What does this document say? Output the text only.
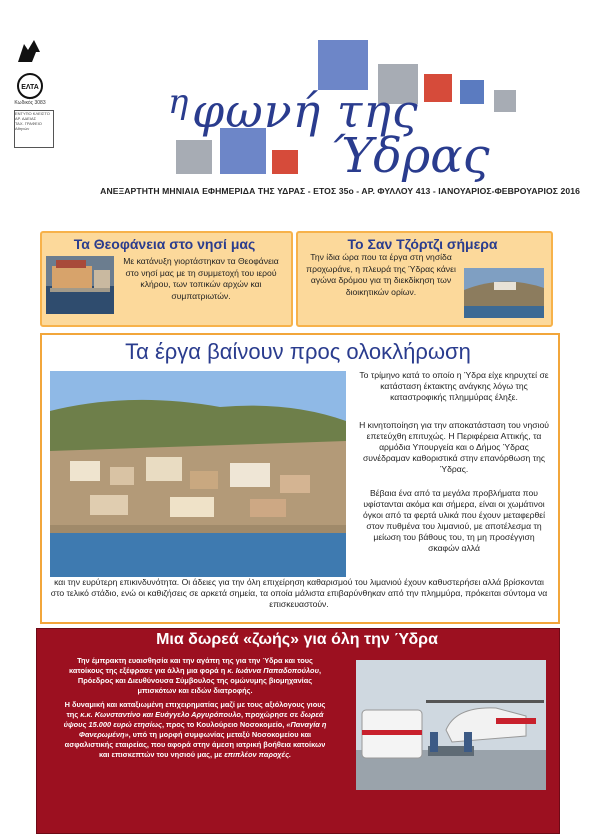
ΕΛΤΑ
Κωδικός 3083
ΕΝΤΥΠΟ ΚΛΕΙΣΤΟ ΑΡ. ΑΔΕΙΑΣ
ΤΑΧ. ΓΡΑΦΕΙΟ
Αθηνών
η φωνή της
Ύδρας
ΑΝΕΞΑΡΤΗΤΗ ΜΗΝΙΑΙΑ ΕΦΗΜΕΡΙΔΑ ΤΗΣ ΥΔΡΑΣ - ΕΤΟΣ 35ο - ΑΡ. ΦΥΛΛΟΥ 413 - ΙΑΝΟΥΑΡΙΟΣ-ΦΕΒΡΟΥΑΡΙΟΣ 2016
Τα Θεοφάνεια στο νησί μας
Με κατάνυξη γιορτάστηκαν τα Θεοφάνεια στο νησί μας με τη συμμετοχή του ιερού κλήρου, των τοπικών αρχών και συμπατριωτών.
Το Σαν Τζόρτζι σήμερα
Την ίδια ώρα που τα έργα στη νησίδα προχωράνε, η πλευρά της Ύδρας κάνει αγώνα δρόμου για τη διεκδίκηση των διοικητικών ορίων.
Τα έργα βαίνουν προς ολοκλήρωση
Το τρίμηνο κατά το οποίο η Ύδρα είχε κηρυχτεί σε κατάσταση έκτακτης ανάγκης λόγω της καταστροφικής πλημμύρας έληξε.
Η κινητοποίηση για την αποκατάσταση του νησιού επετεύχθη επιτυχώς. Η Περιφέρεια Αττικής, τα αρμόδια Υπουργεία και ο Δήμος Ύδρας συνέδραμαν καθοριστικά στην επανόρθωση της Ύδρας.
Βέβαια ένα από τα μεγάλα προβλήματα που υφίστανται ακόμα και σήμερα, είναι οι χωμάτινοι όγκοι από τα φερτά υλικά που έχουν μεταφερθεί στον πυθμένα του λιμανιού, με αποτέλεσμα τη μείωση του βάθους του, τη μη προσέγγιση σκαφών αλλά
και την ευρύτερη επικινδυνότητα. Οι άδειες για την όλη επιχείρηση καθαρισμού του λιμανιού έχουν καθυστερήσει αλλά βρίσκονται στο τελικό στάδιο, ενώ οι καθιζήσεις σε αρκετά σημεία, τα οποία μάλιστα επιβαρύνθηκαν από την πλημμύρα, πρόκειται σύντομα να επισκευαστούν.
Μια δωρεά «ζωής» για όλη την Ύδρα
Την έμπρακτη ευαισθησία και την αγάπη της για την Ύδρα και τους κατοίκους της εξέφρασε για άλλη μια φορά η κ. Ιωάννα Παπαδοπούλου, Πρόεδρος και Διευθύνουσα Σύμβουλος της ομώνυμης βιομηχανίας μπισκότων και ειδών διατροφής.
Η δυναμική και καταξιωμένη επιχειρηματίας μαζί με τους αξιόλογους γιους της κ.κ. Κωνσταντίνο και Ευάγγελο Αργυρόπουλο, προχώρησε σε δωρεά ύψους 15.000 ευρώ ετησίως, προς το Κουλούρειο Νοσοκομείο, «Παναγία η Φανερωμένη», υπό τη μορφή συμφωνίας μεταξύ Νοσοκομείου και ασφαλιστικής εταιρείας, που αφορά στην άμεση ιατρική βοήθεια κατοίκων και επισκεπτών του νησιού μας, με επιπλέον παροχές.
